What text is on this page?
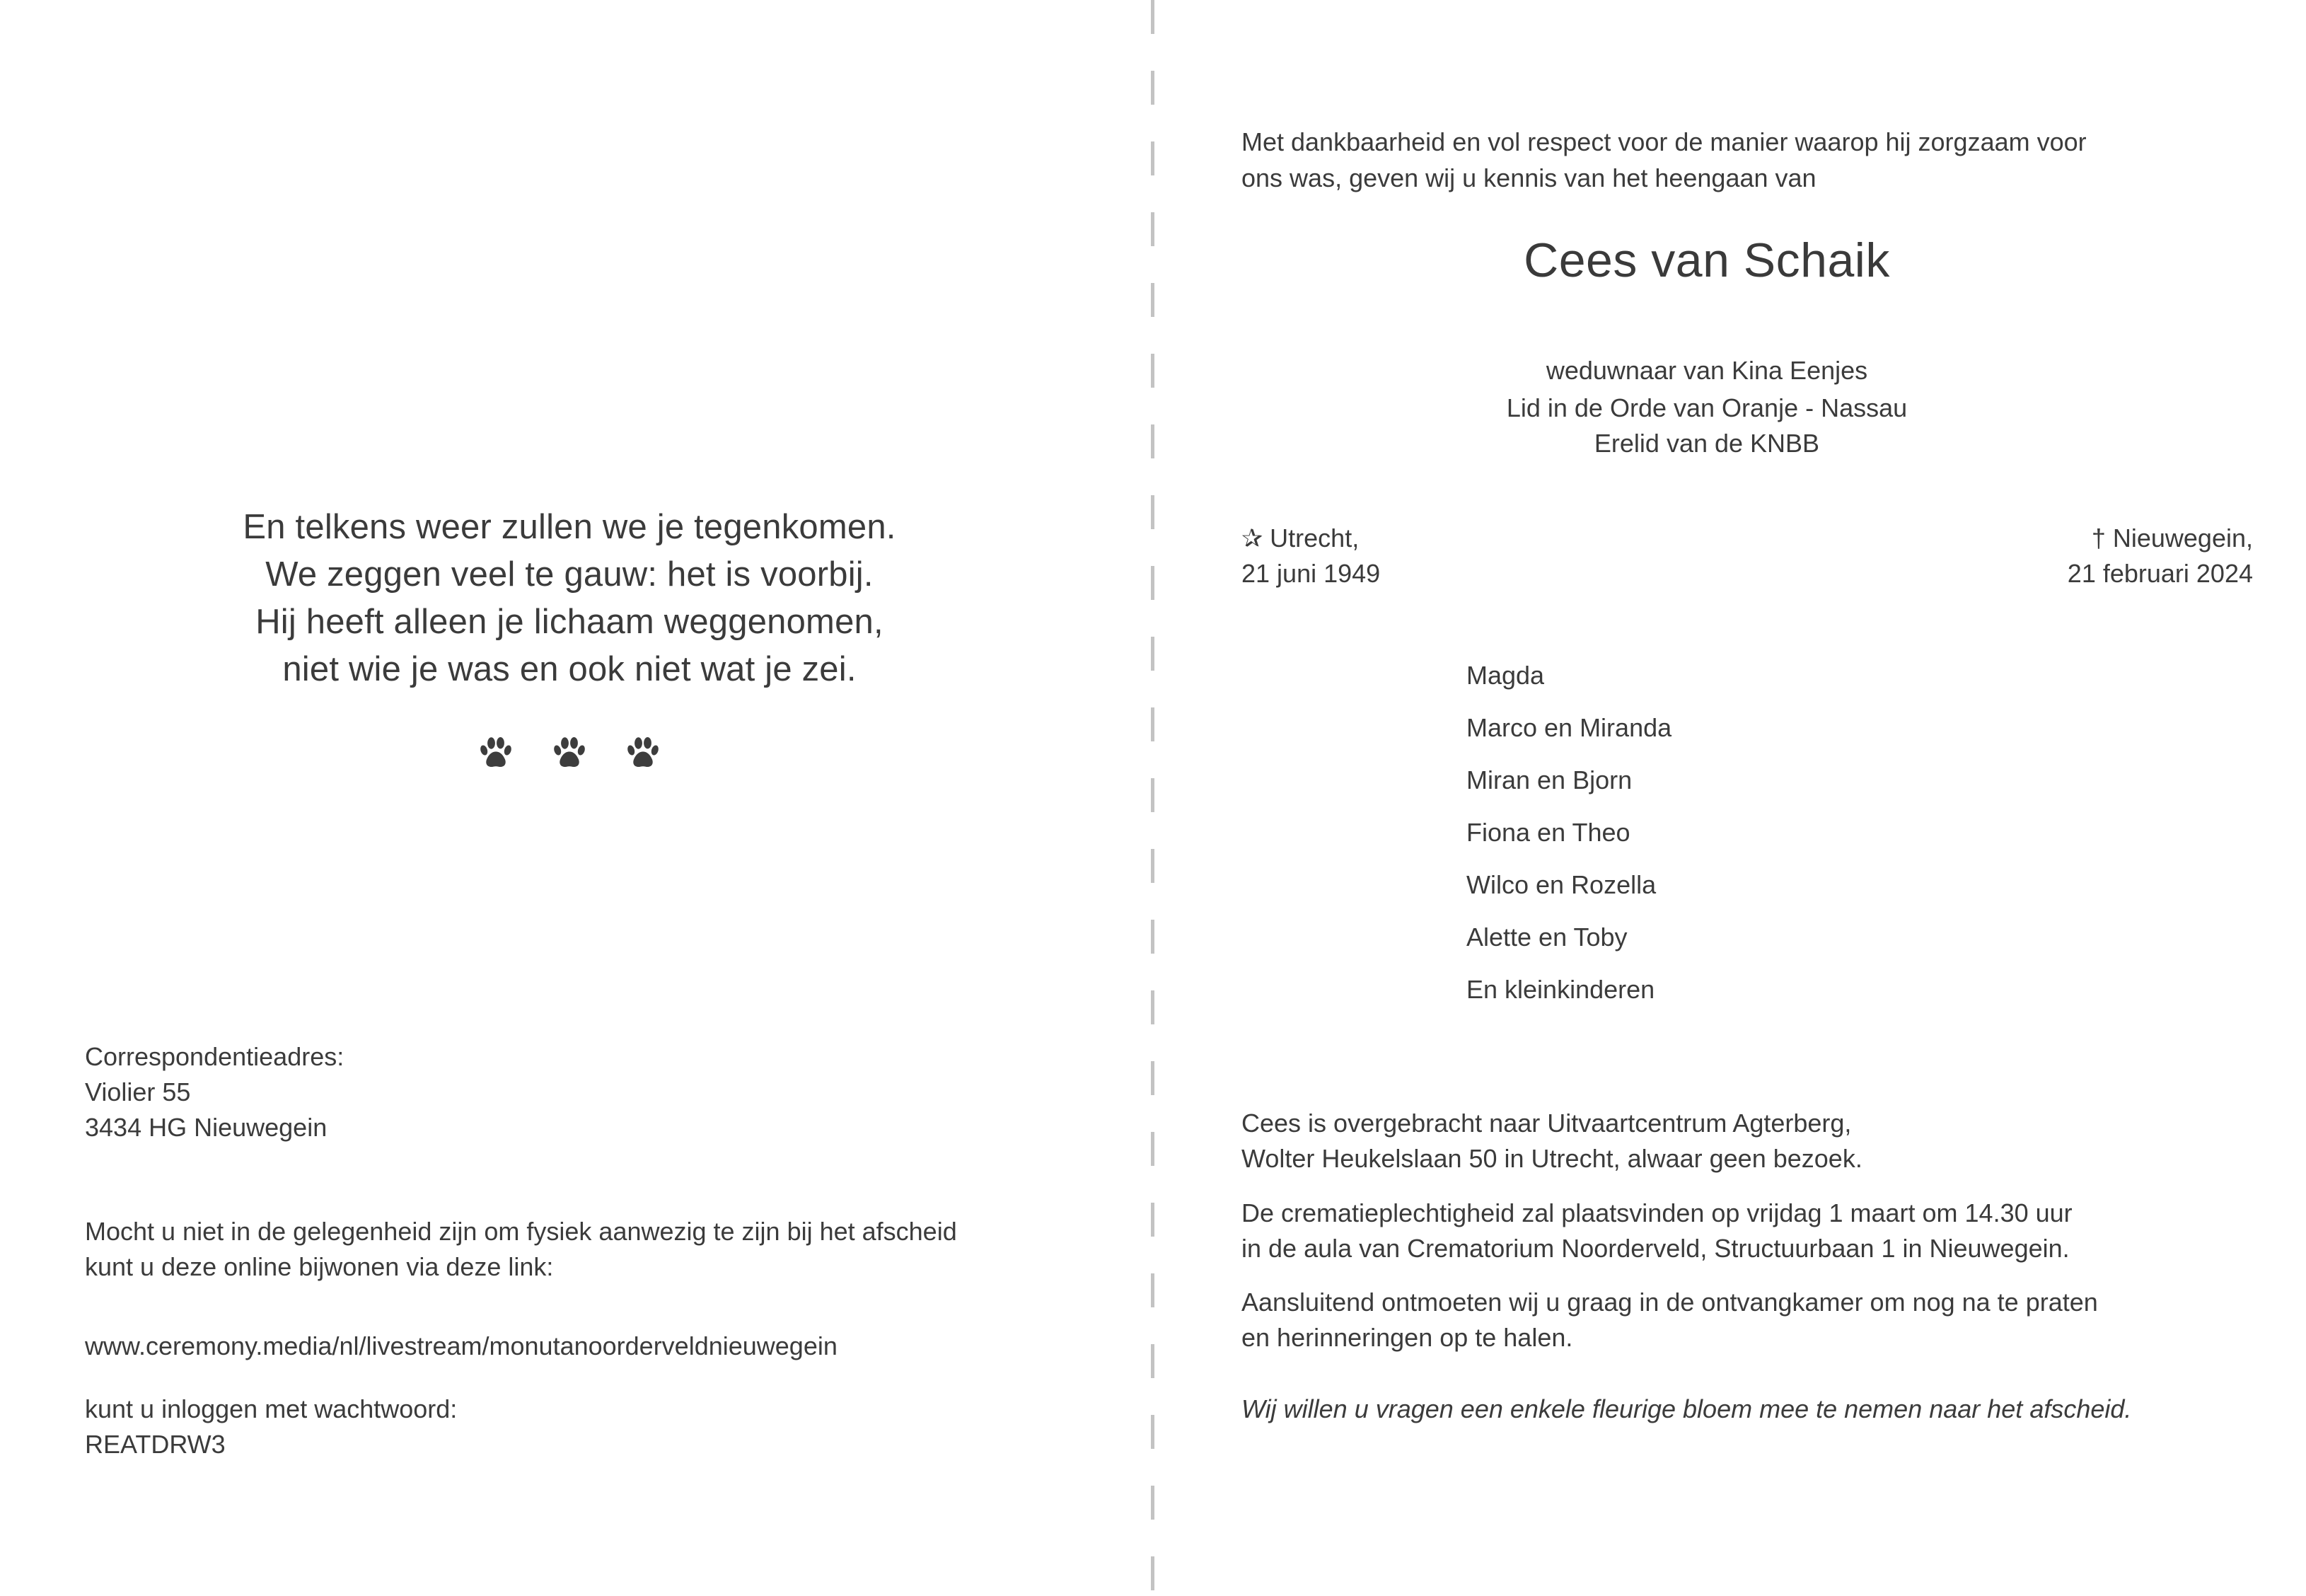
En telkens weer zullen we je tegenkomen.
We zeggen veel te gauw: het is voorbij.
Hij heeft alleen je lichaam weggenomen,
niet wie je was en ook niet wat je zei.
Correspondentieadres:
Violier 55
3434 HG Nieuwegein
Mocht u niet in de gelegenheid zijn om fysiek aanwezig te zijn bij het afscheid
kunt u deze online bijwonen via deze link:
www.ceremony.media/nl/livestream/monutanoorderveldnieuwegein
kunt u inloggen met wachtwoord:
REATDRW3
Met dankbaarheid en vol respect voor de manier waarop hij zorgzaam voor
ons was, geven wij u kennis van het heengaan van
Cees van Schaik
weduwnaar van Kina Eenjes
Lid in de Orde van Oranje - Nassau
Erelid van de KNBB
✰ Utrecht,
21 juni 1949
† Nieuwegein,
21 februari 2024
Magda
Marco en Miranda
Miran en Bjorn
Fiona en Theo
Wilco en Rozella
Alette en Toby
En kleinkinderen
Cees is overgebracht naar Uitvaartcentrum Agterberg,
Wolter Heukelslaan 50 in Utrecht, alwaar geen bezoek.
De crematieplechtigheid zal plaatsvinden op vrijdag 1 maart om 14.30 uur
in de aula van Crematorium Noorderveld, Structuurbaan 1 in Nieuwegein.
Aansluitend ontmoeten wij u graag in de ontvangkamer om nog na te praten
en herinneringen op te halen.
Wij willen u vragen een enkele fleurige bloem mee te nemen naar het afscheid.
